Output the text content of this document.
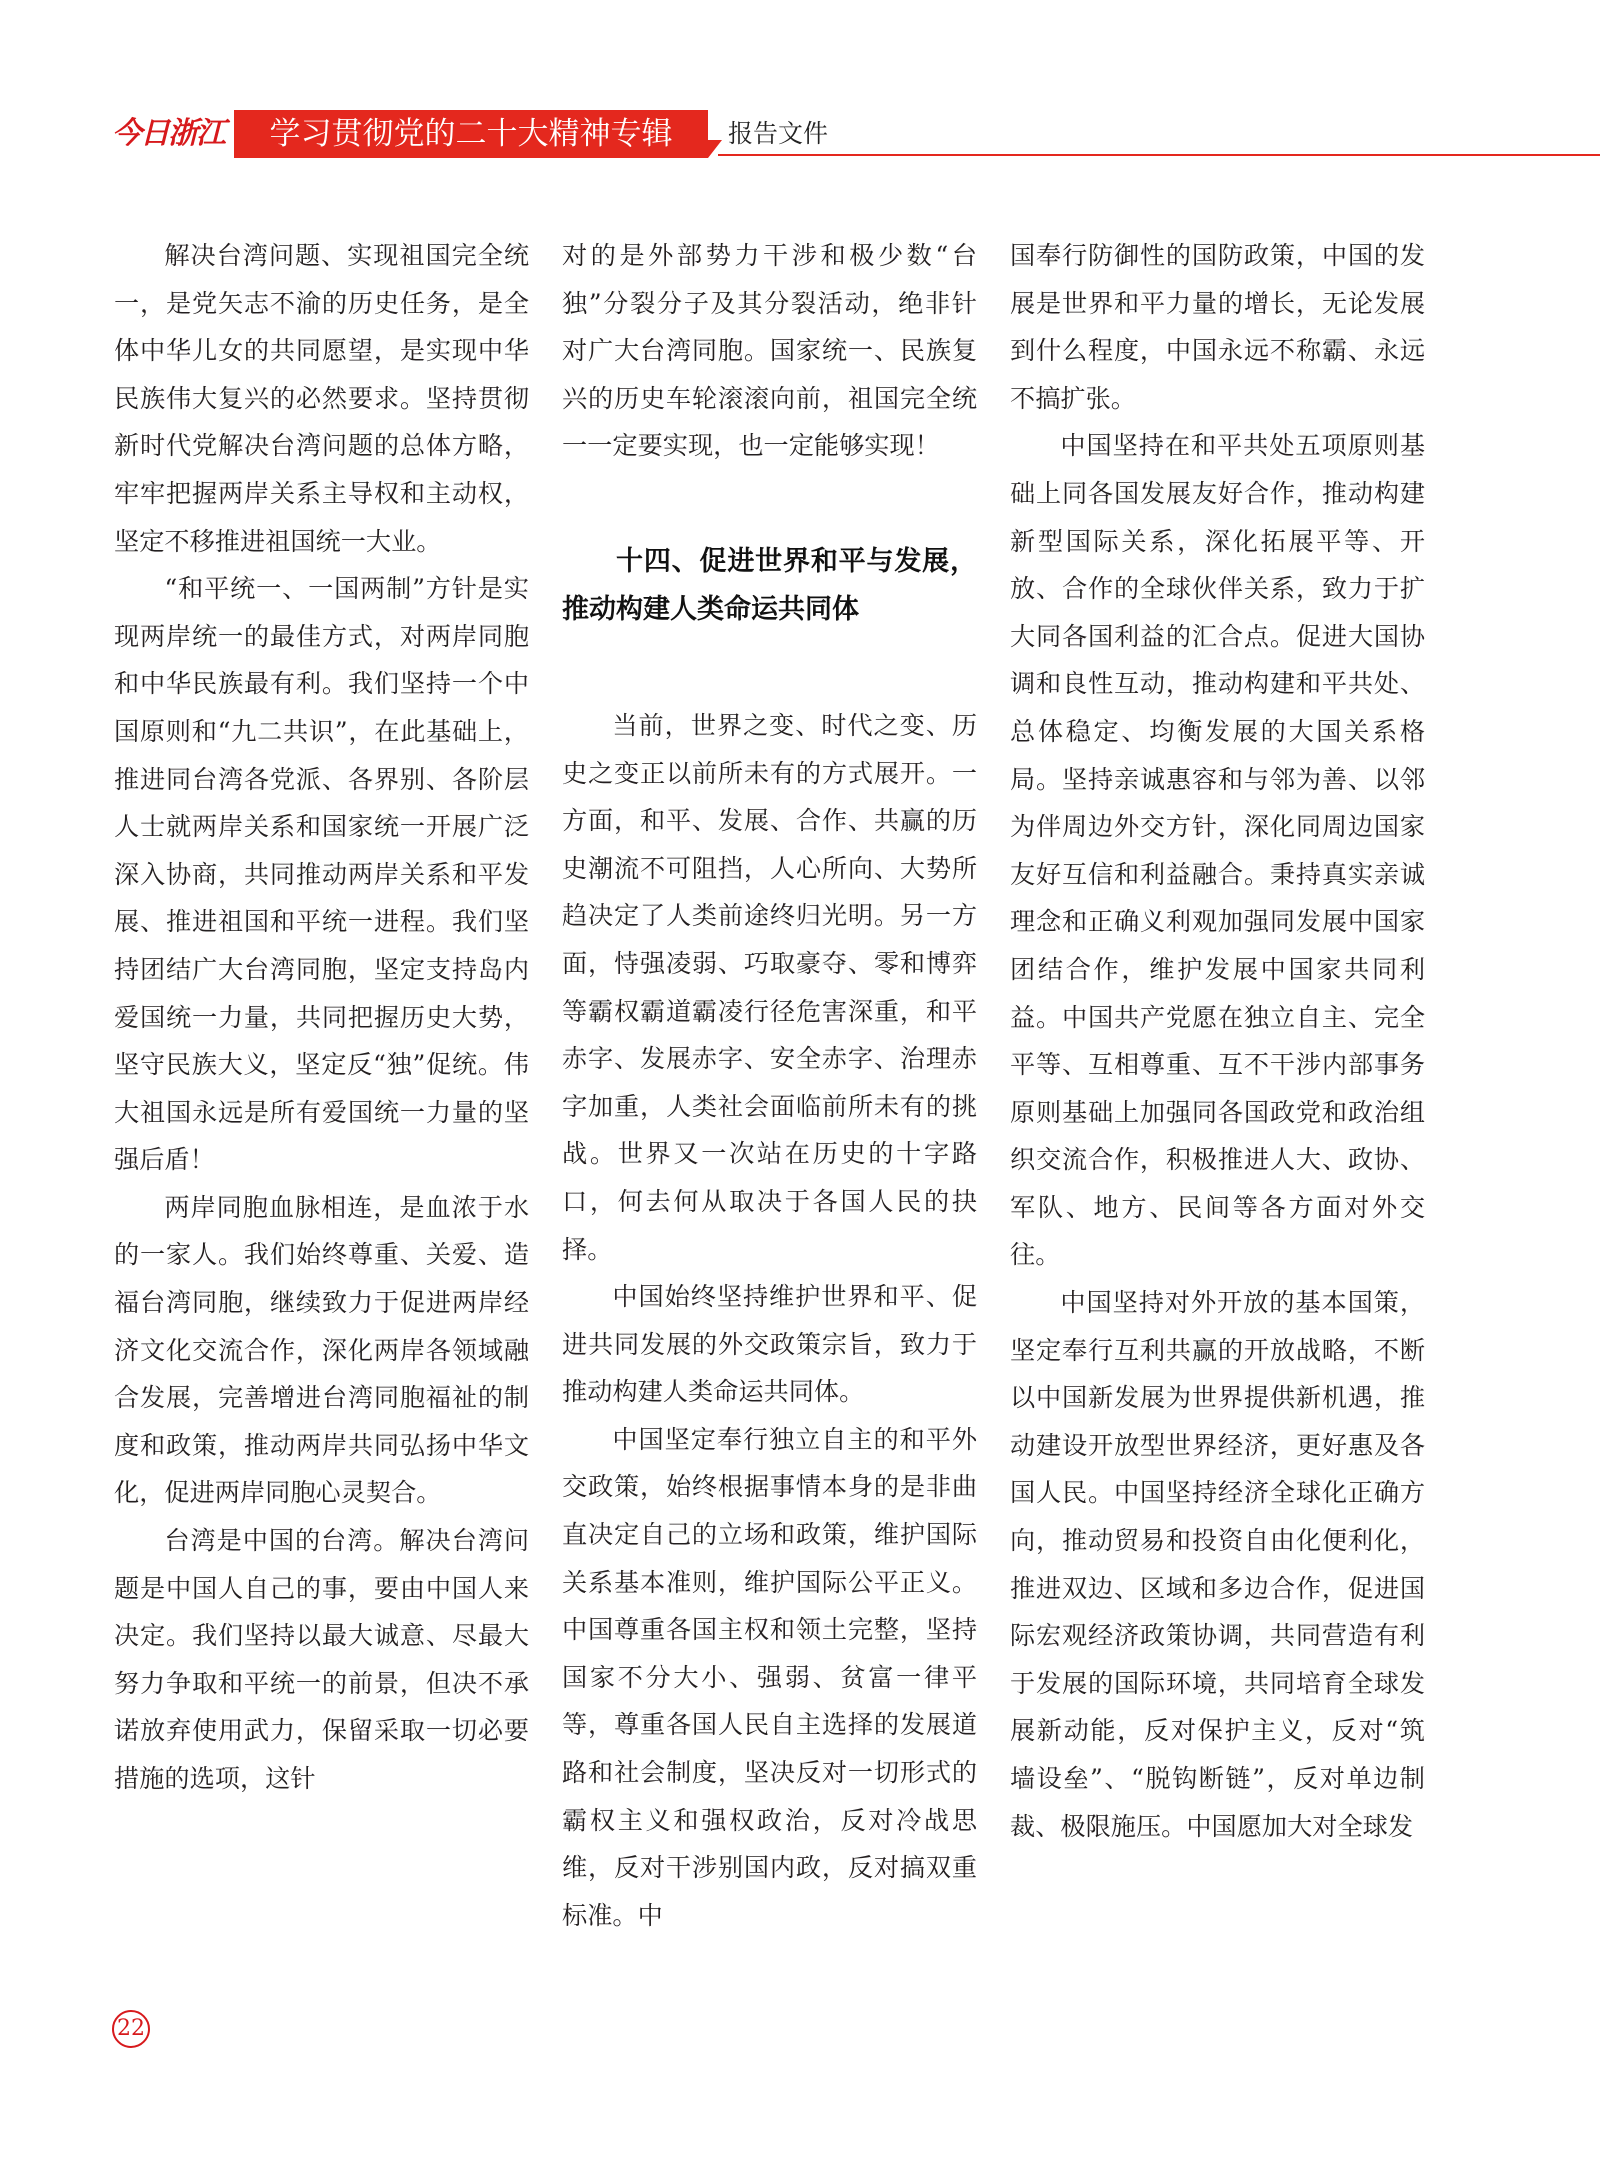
今日浙江	学习贯彻党的二十大精神专辑	报告文件

解决台湾问题、实现祖国完全统一，是党矢志不渝的历史任务，是全体中华儿女的共同愿望，是实现中华民族伟大复兴的必然要求。坚持贯彻新时代党解决台湾问题的总体方略，牢牢把握两岸关系主导权和主动权，坚定不移推进祖国统一大业。

“和平统一、一国两制”方针是实现两岸统一的最佳方式，对两岸同胞和中华民族最有利。我们坚持一个中国原则和“九二共识”，在此基础上，推进同台湾各党派、各界别、各阶层人士就两岸关系和国家统一开展广泛深入协商，共同推动两岸关系和平发展、推进祖国和平统一进程。我们坚持团结广大台湾同胞，坚定支持岛内爱国统一力量，共同把握历史大势，坚守民族大义，坚定反“独”促统。伟大祖国永远是所有爱国统一力量的坚强后盾！

两岸同胞血脉相连，是血浓于水的一家人。我们始终尊重、关爱、造福台湾同胞，继续致力于促进两岸经济文化交流合作，深化两岸各领域融合发展，完善增进台湾同胞福祉的制度和政策，推动两岸共同弘扬中华文化，促进两岸同胞心灵契合。

台湾是中国的台湾。解决台湾问题是中国人自己的事，要由中国人来决定。我们坚持以最大诚意、尽最大努力争取和平统一的前景，但决不承诺放弃使用武力，保留采取一切必要措施的选项，这针

对的是外部势力干涉和极少数“台独”分裂分子及其分裂活动，绝非针对广大台湾同胞。国家统一、民族复兴的历史车轮滚滚向前，祖国完全统一一定要实现，也一定能够实现！

十四、促进世界和平与发展，推动构建人类命运共同体

当前，世界之变、时代之变、历史之变正以前所未有的方式展开。一方面，和平、发展、合作、共赢的历史潮流不可阻挡，人心所向、大势所趋决定了人类前途终归光明。另一方面，恃强凌弱、巧取豪夺、零和博弈等霸权霸道霸凌行径危害深重，和平赤字、发展赤字、安全赤字、治理赤字加重，人类社会面临前所未有的挑战。世界又一次站在历史的十字路口，何去何从取决于各国人民的抉择。

中国始终坚持维护世界和平、促进共同发展的外交政策宗旨，致力于推动构建人类命运共同体。

中国坚定奉行独立自主的和平外交政策，始终根据事情本身的是非曲直决定自己的立场和政策，维护国际关系基本准则，维护国际公平正义。中国尊重各国主权和领土完整，坚持国家不分大小、强弱、贫富一律平等，尊重各国人民自主选择的发展道路和社会制度，坚决反对一切形式的霸权主义和强权政治，反对冷战思维，反对干涉别国内政，反对搞双重标准。中

国奉行防御性的国防政策，中国的发展是世界和平力量的增长，无论发展到什么程度，中国永远不称霸、永远不搞扩张。

中国坚持在和平共处五项原则基础上同各国发展友好合作，推动构建新型国际关系，深化拓展平等、开放、合作的全球伙伴关系，致力于扩大同各国利益的汇合点。促进大国协调和良性互动，推动构建和平共处、总体稳定、均衡发展的大国关系格局。坚持亲诚惠容和与邻为善、以邻为伴周边外交方针，深化同周边国家友好互信和利益融合。秉持真实亲诚理念和正确义利观加强同发展中国家团结合作，维护发展中国家共同利益。中国共产党愿在独立自主、完全平等、互相尊重、互不干涉内部事务原则基础上加强同各国政党和政治组织交流合作，积极推进人大、政协、军队、地方、民间等各方面对外交往。

中国坚持对外开放的基本国策，坚定奉行互利共赢的开放战略，不断以中国新发展为世界提供新机遇，推动建设开放型世界经济，更好惠及各国人民。中国坚持经济全球化正确方向，推动贸易和投资自由化便利化，推进双边、区域和多边合作，促进国际宏观经济政策协调，共同营造有利于发展的国际环境，共同培育全球发展新动能，反对保护主义，反对“筑墙设垒”、“脱钩断链”，反对单边制裁、极限施压。中国愿加大对全球发

22
